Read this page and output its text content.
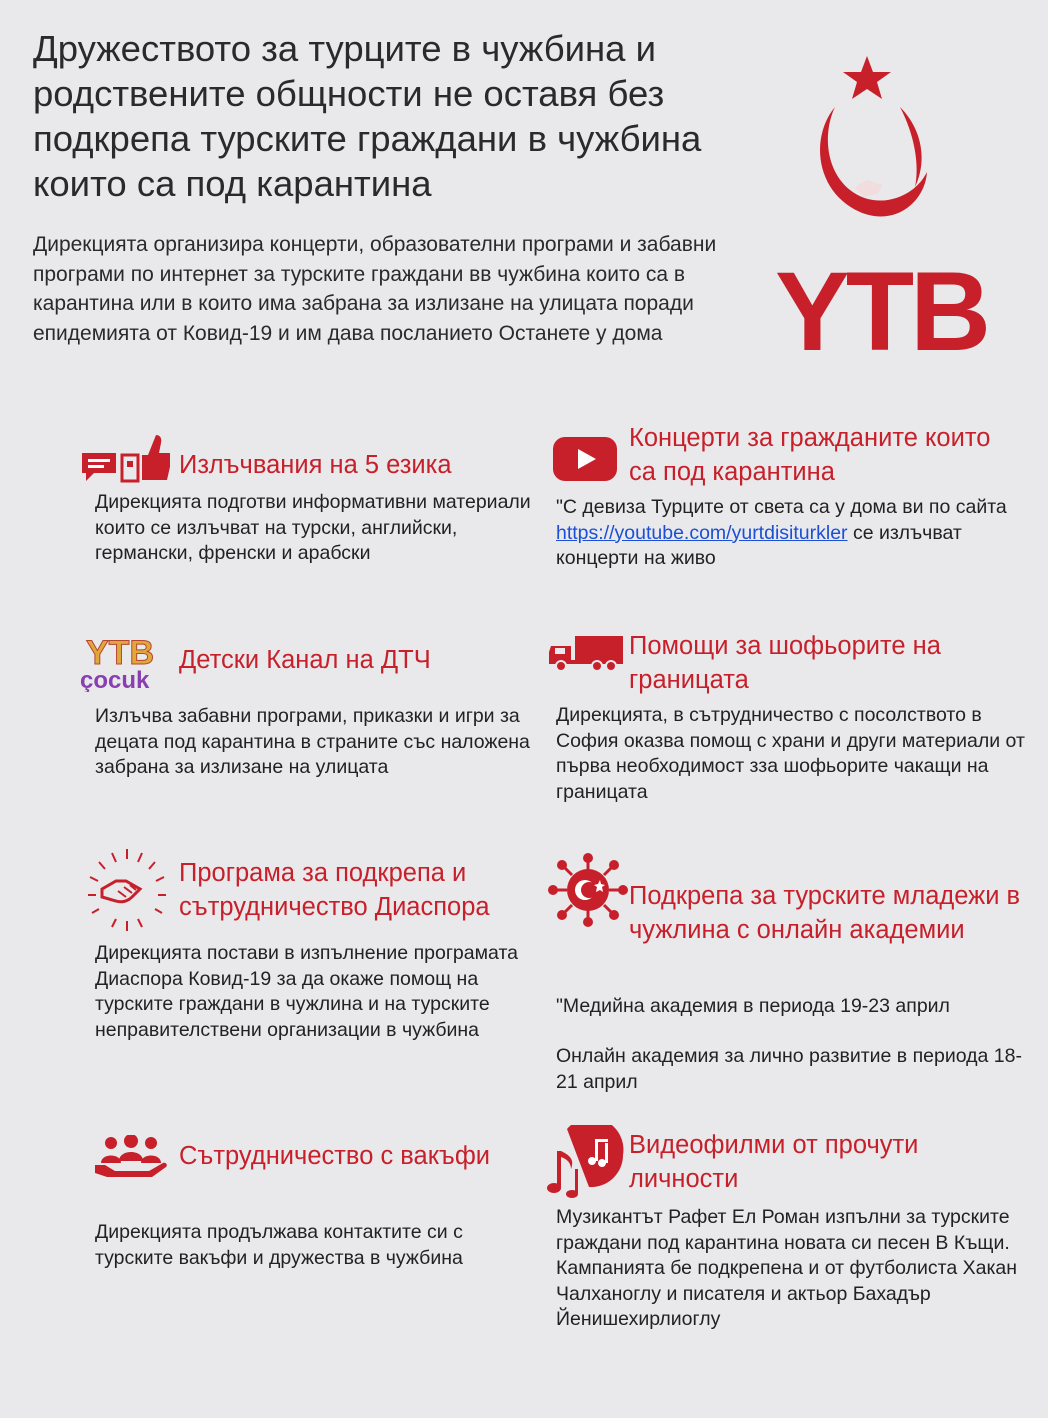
Дружеството за турците в чужбина и родствените общности не оставя без подкрепа турските граждани в чужбина които са под карантина

Дирекцията организира концерти, образователни програми и забавни програми по интернет за турските граждани вв чужбина които са в карантина или в които има забрана за излизане на улицата поради епидемията от Ковид-19 и им дава посланието Останете у дома	YTB
Излъчвания на 5 езика

Дирекцията подготви информативни материали които се излъчват на турски, английски, германски, френски и арабски

Концерти за гражданите които са под карантина

"С девиза Турците от света са у дома ви по сайта https://youtube.com/yurtdisiturkler се излъчват концерти на живо

YTB
çocuk
Детски Канал на ДТЧ

Излъчва забавни програми, приказки и игри за децата под карантина в страните със наложена забрана за излизане на улицата

Помощи за шофьорите на границата

Дирекцията, в сътрудничество с посолството в София оказва помощ с храни и други материали от първа необходимост зза шофьорите чакащи на границата

Програма за подкрепа и сътрудничество Диаспора

Дирекцията постави в изпълнение програмата Диаспора Ковид-19 за да окаже помощ на турските граждани в чужлина и на турските неправителствени организации в чужбина

Подкрепа за турските младежи в чужлина с онлайн академии

"Медийна академия в периода 19-23 април

Онлайн академия за лично развитие в периода 18-21 април

Сътрудничество с вакъфи

Дирекцията продължава контактите си с турските вакъфи и дружества в чужбина

Видеофилми от прочути личности

Музикантът Рафет Ел Роман изпълни за турските граждани под карантина новата си песен В Къщи. Кампанията бе подкрепена и от футболиста Хакан Чалханоглу и писателя и актьор Бахадър Йенишехирлиоглу
